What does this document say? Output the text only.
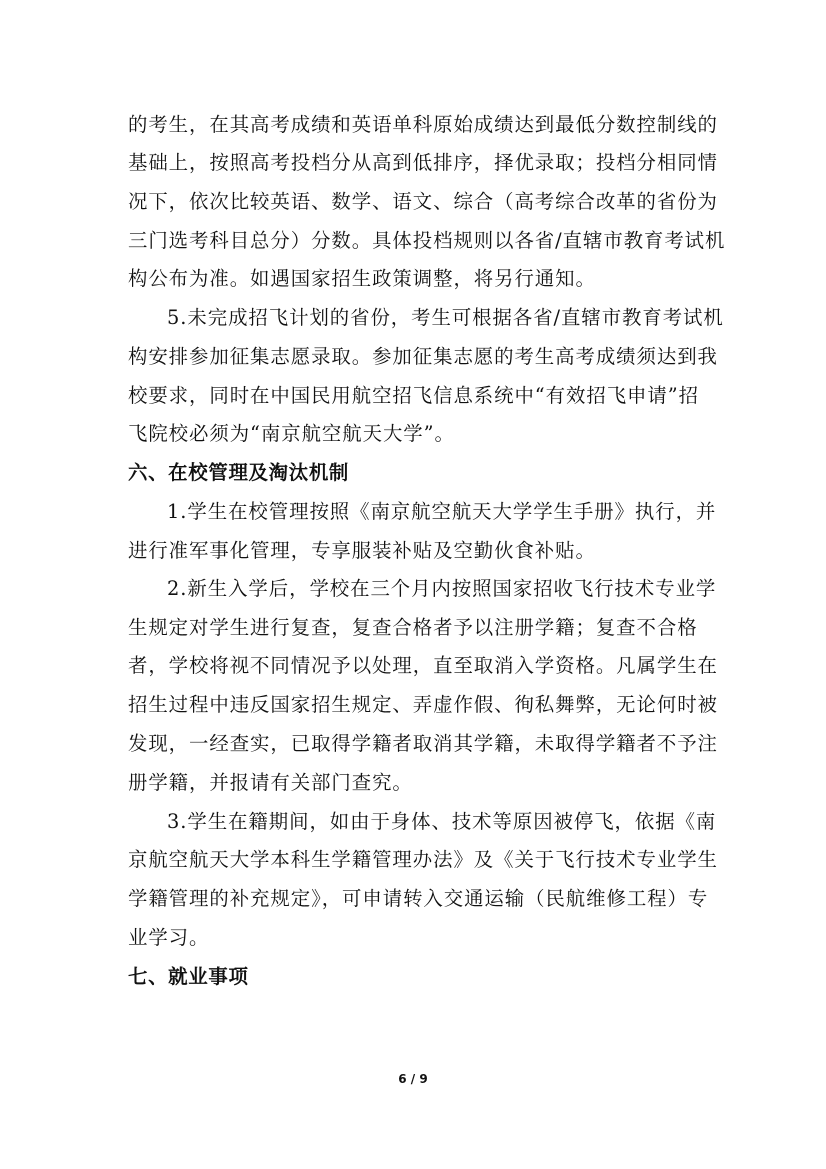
的考生，在其高考成绩和英语单科原始成绩达到最低分数控制线的
基础上，按照高考投档分从高到低排序，择优录取；投档分相同情
况下，依次比较英语、数学、语文、综合（高考综合改革的省份为
三门选考科目总分）分数。具体投档规则以各省/直辖市教育考试机
构公布为准。如遇国家招生政策调整，将另行通知。
5.未完成招飞计划的省份，考生可根据各省/直辖市教育考试机
构安排参加征集志愿录取。参加征集志愿的考生高考成绩须达到我
校要求，同时在中国民用航空招飞信息系统中“有效招飞申请”招
飞院校必须为“南京航空航天大学”。
六、在校管理及淘汰机制
1.学生在校管理按照《南京航空航天大学学生手册》执行，并
进行准军事化管理，专享服装补贴及空勤伙食补贴。
2.新生入学后，学校在三个月内按照国家招收飞行技术专业学
生规定对学生进行复查，复查合格者予以注册学籍；复查不合格
者，学校将视不同情况予以处理，直至取消入学资格。凡属学生在
招生过程中违反国家招生规定、弄虚作假、徇私舞弊，无论何时被
发现，一经查实，已取得学籍者取消其学籍，未取得学籍者不予注
册学籍，并报请有关部门查究。
3.学生在籍期间，如由于身体、技术等原因被停飞，依据《南
京航空航天大学本科生学籍管理办法》及《关于飞行技术专业学生
学籍管理的补充规定》，可申请转入交通运输（民航维修工程）专
业学习。
七、就业事项
6 / 9
